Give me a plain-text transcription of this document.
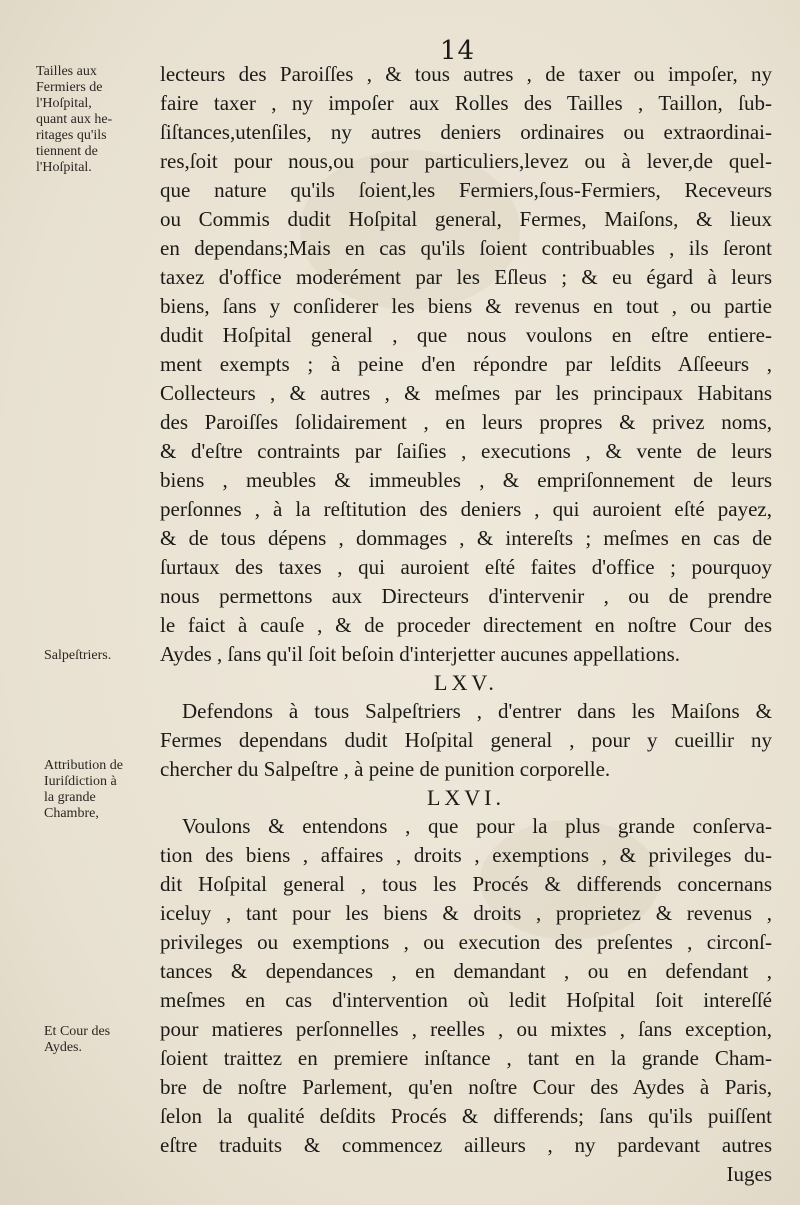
14
Tailles aux
Fermiers de
l'Hoſpital,
quant aux he-
ritages qu'ils
tiennent de
l'Hoſpital.
Salpeſtriers.
Attribution de
Iuriſdiction à
la grande
Chambre,
Et Cour des
Aydes.
lecteurs des Paroiſſes , & tous autres , de taxer ou impoſer, ny
faire taxer , ny impoſer aux Rolles des Tailles , Taillon, ſub-
ſiſtances,utenſiles, ny autres deniers ordinaires ou extraordinai-
res,ſoit pour nous,ou pour particuliers,levez ou à lever,de quel-
que nature qu'ils ſoient,les Fermiers,ſous-Fermiers, Receveurs
ou Commis dudit Hoſpital general, Fermes, Maiſons, & lieux
en dependans;Mais en cas qu'ils ſoient contribuables , ils ſeront
taxez d'office moderément par les Eſleus ; & eu égard à leurs
biens, ſans y conſiderer les biens & revenus en tout , ou partie
dudit Hoſpital general , que nous voulons en eſtre entiere-
ment exempts ; à peine d'en répondre par leſdits Aſſeeurs ,
Collecteurs , & autres , & meſmes par les principaux Habitans
des Paroiſſes ſolidairement , en leurs propres & privez noms,
& d'eſtre contraints par ſaiſies , executions , & vente de leurs
biens , meubles & immeubles , & empriſonnement de leurs
perſonnes , à la reſtitution des deniers , qui auroient eſté payez,
& de tous dépens , dommages , & intereſts ; meſmes en cas de
ſurtaux des taxes , qui auroient eſté faites d'office ; pourquoy
nous permettons aux Directeurs d'intervenir , ou de prendre
le faict à cauſe , & de proceder directement en noſtre Cour des
Aydes , ſans qu'il ſoit beſoin d'interjetter aucunes appellations.
LXV.
Defendons à tous Salpeſtriers , d'entrer dans les Maiſons &
Fermes dependans dudit Hoſpital general , pour y cueillir ny
chercher du Salpeſtre , à peine de punition corporelle.
LXVI.
Voulons & entendons , que pour la plus grande conſerva-
tion des biens , affaires , droits , exemptions , & privileges du-
dit Hoſpital general , tous les Procés & differends concernans
iceluy , tant pour les biens & droits , proprietez & revenus ,
privileges ou exemptions , ou execution des preſentes , circonſ-
tances & dependances , en demandant , ou en defendant ,
meſmes en cas d'intervention où ledit Hoſpital ſoit intereſſé
pour matieres perſonnelles , reelles , ou mixtes , ſans exception,
ſoient traittez en premiere inſtance , tant en la grande Cham-
bre de noſtre Parlement, qu'en noſtre Cour des Aydes à Paris,
ſelon la qualité deſdits Procés & differends; ſans qu'ils puiſſent
eſtre traduits & commencez ailleurs , ny pardevant autres
Iuges
